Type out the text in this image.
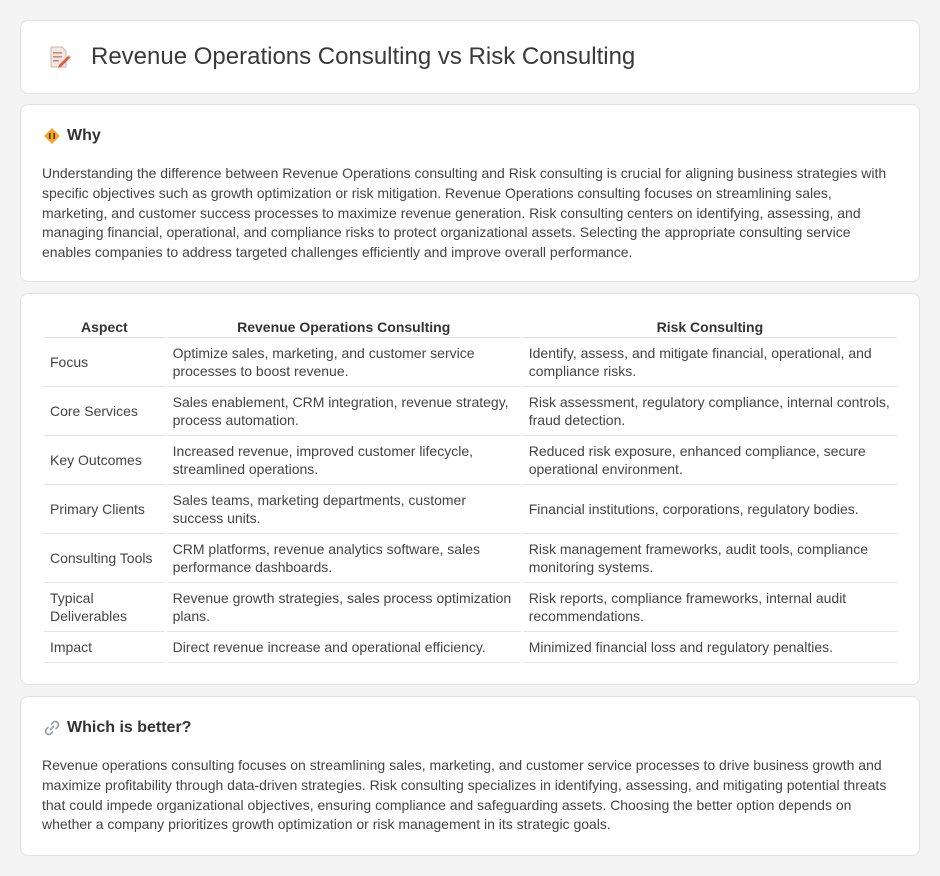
Revenue Operations Consulting vs Risk Consulting
Why

Understanding the difference between Revenue Operations consulting and Risk consulting is crucial for aligning business strategies with specific objectives such as growth optimization or risk mitigation. Revenue Operations consulting focuses on streamlining sales, marketing, and customer success processes to maximize revenue generation. Risk consulting centers on identifying, assessing, and managing financial, operational, and compliance risks to protect organizational assets. Selecting the appropriate consulting service enables companies to address targeted challenges efficiently and improve overall performance.

Aspect	Revenue Operations Consulting	Risk Consulting
Focus	Optimize sales, marketing, and customer service processes to boost revenue.	Identify, assess, and mitigate financial, operational, and compliance risks.
Core Services	Sales enablement, CRM integration, revenue strategy, process automation.	Risk assessment, regulatory compliance, internal controls, fraud detection.
Key Outcomes	Increased revenue, improved customer lifecycle, streamlined operations.	Reduced risk exposure, enhanced compliance, secure operational environment.
Primary Clients	Sales teams, marketing departments, customer success units.	Financial institutions, corporations, regulatory bodies.
Consulting Tools	CRM platforms, revenue analytics software, sales performance dashboards.	Risk management frameworks, audit tools, compliance monitoring systems.
Typical Deliverables	Revenue growth strategies, sales process optimization plans.	Risk reports, compliance frameworks, internal audit recommendations.
Impact	Direct revenue increase and operational efficiency.	Minimized financial loss and regulatory penalties.
Which is better?

Revenue operations consulting focuses on streamlining sales, marketing, and customer service processes to drive business growth and maximize profitability through data-driven strategies. Risk consulting specializes in identifying, assessing, and mitigating potential threats that could impede organizational objectives, ensuring compliance and safeguarding assets. Choosing the better option depends on whether a company prioritizes growth optimization or risk management in its strategic goals.
